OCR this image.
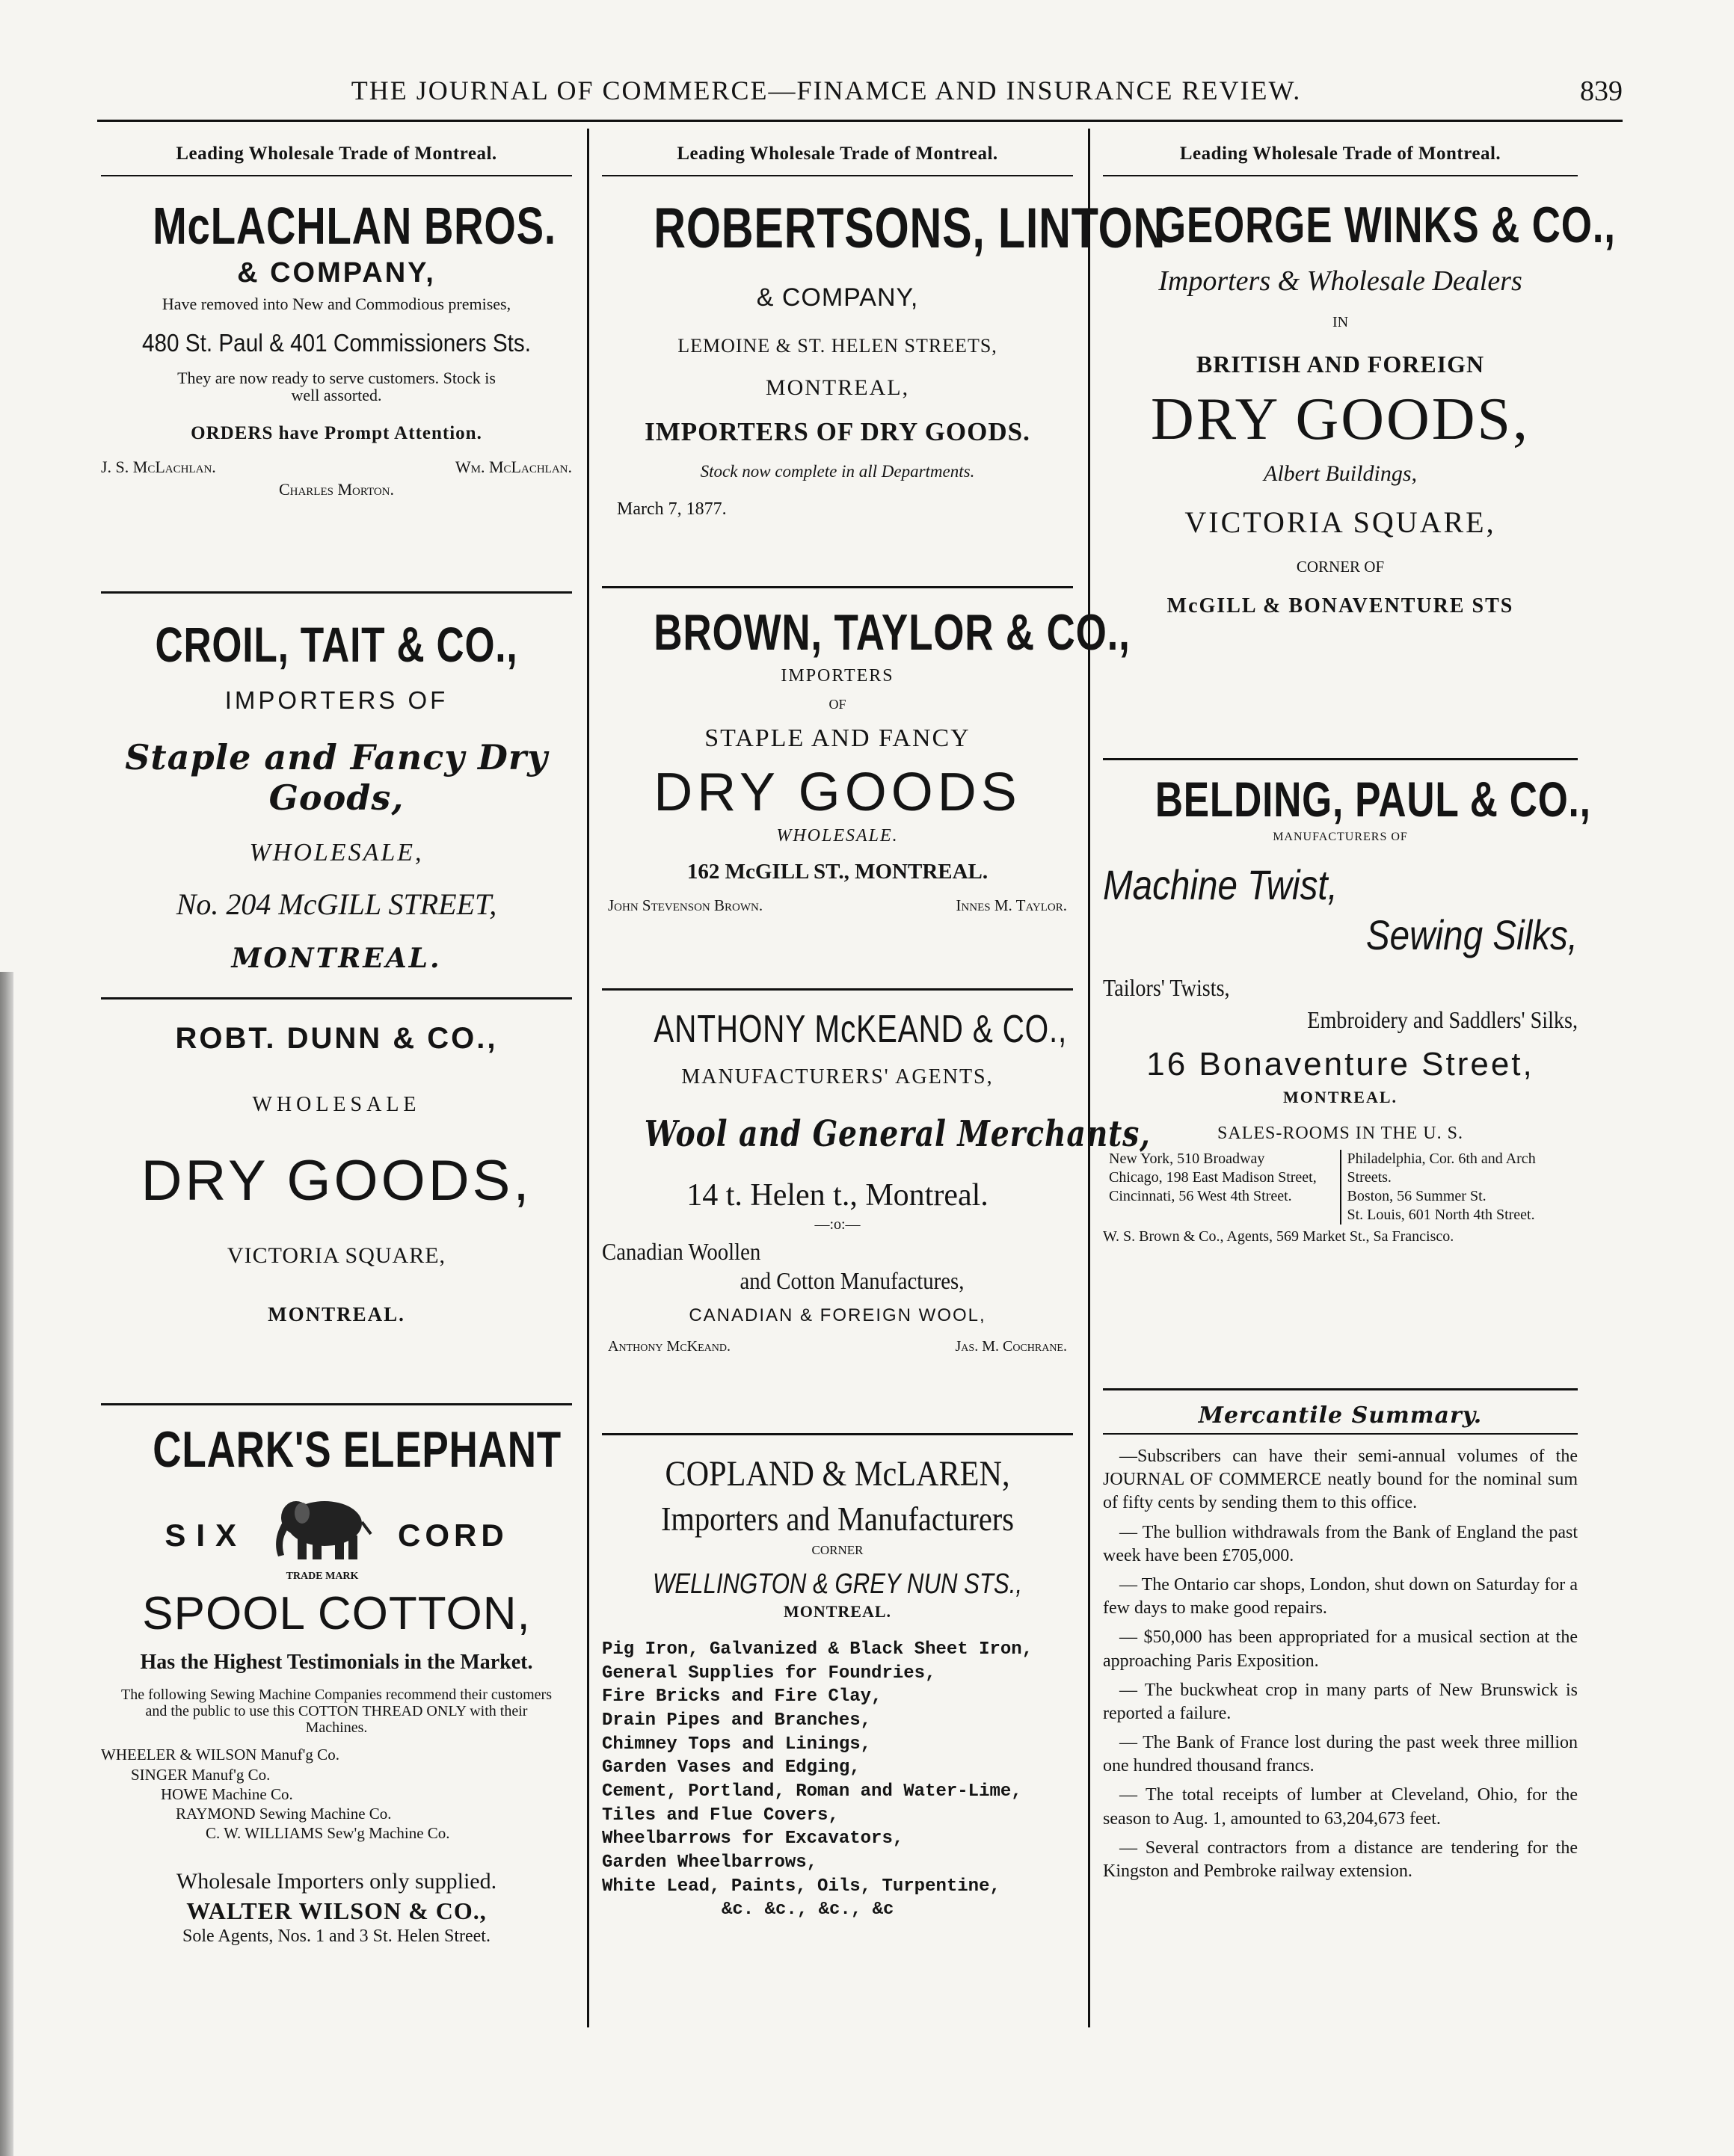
THE JOURNAL OF COMMERCE—FINAMCE AND INSURANCE REVIEW.	839
Leading Wholesale Trade of Montreal.
McLACHLAN BROS.
& COMPANY,
Have removed into New and Commodious premises,
480 St. Paul & 401 Commissioners Sts.
They are now ready to serve customers. Stock is well assorted.
ORDERS have Prompt Attention.
J. S. McLachlan.	Wm. McLachlan.
Charles Morton.
CROIL, TAIT & CO.,
IMPORTERS OF
Staple and Fancy Dry Goods,
WHOLESALE,
No. 204 McGILL STREET,
MONTREAL.
ROBT. DUNN & CO.,
WHOLESALE
DRY GOODS,
VICTORIA SQUARE,
MONTREAL.
CLARK'S ELEPHANT
SIX
TRADE MARK
CORD
SPOOL COTTON,
Has the Highest Testimonials in the Market.
The following Sewing Machine Companies recommend their customers and the public to use this COTTON THREAD ONLY with their Machines.
WHEELER & WILSON Manuf'g Co.
SINGER Manuf'g Co.
HOWE Machine Co.
RAYMOND Sewing Machine Co.
C. W. WILLIAMS Sew'g Machine Co.
Wholesale Importers only supplied.
WALTER WILSON & CO.,
Sole Agents, Nos. 1 and 3 St. Helen Street.
Leading Wholesale Trade of Montreal.
ROBERTSONS, LINTON
& COMPANY,
LEMOINE & ST. HELEN STREETS,
MONTREAL,
IMPORTERS OF DRY GOODS.
Stock now complete in all Departments.
March 7, 1877.
BROWN, TAYLOR & CO.,
IMPORTERS
OF
STAPLE AND FANCY
DRY GOODS
WHOLESALE.
162 McGILL ST., MONTREAL.
John Stevenson Brown.	Innes M. Taylor.
ANTHONY McKEAND & CO.,
MANUFACTURERS' AGENTS,
Wool and General Merchants,
14 t. Helen t., Montreal.
—:o:—
Canadian Woollen
and Cotton Manufactures,
CANADIAN & FOREIGN WOOL,
Anthony McKeand.	Jas. M. Cochrane.
COPLAND & McLAREN,
Importers and Manufacturers
CORNER
WELLINGTON & GREY NUN STS.,
MONTREAL.
Pig Iron, Galvanized & Black Sheet Iron,
General Supplies for Foundries,
Fire Bricks and Fire Clay,
Drain Pipes and Branches,
Chimney Tops and Linings,
Garden Vases and Edging,
Cement, Portland, Roman and Water-Lime,
Tiles and Flue Covers,
Wheelbarrows for Excavators,
Garden Wheelbarrows,
White Lead, Paints, Oils, Turpentine,
&c. &c., &c., &c
Leading Wholesale Trade of Montreal.
GEORGE WINKS & CO.,
Importers & Wholesale Dealers
IN
BRITISH AND FOREIGN
DRY GOODS,
Albert Buildings,
VICTORIA SQUARE,
CORNER OF
McGILL & BONAVENTURE STS
BELDING, PAUL & CO.,
MANUFACTURERS OF
Machine Twist,
Sewing Silks,
Tailors' Twists,
Embroidery and Saddlers' Silks,
16 Bonaventure Street,
MONTREAL.
SALES-ROOMS IN THE U. S.
New York, 510 Broadway
Chicago, 198 East Madison Street,
Cincinnati, 56 West 4th Street.
Philadelphia, Cor. 6th and Arch Streets.
Boston, 56 Summer St.
St. Louis, 601 North 4th Street.
W. S. Brown & Co., Agents, 569 Market St., Sa Francisco.
Mercantile Summary.

—Subscribers can have their semi-annual volumes of the JOURNAL OF COMMERCE neatly bound for the nominal sum of fifty cents by sending them to this office.

— The bullion withdrawals from the Bank of England the past week have been £705,000.

— The Ontario car shops, London, shut down on Saturday for a few days to make good repairs.

— $50,000 has been appropriated for a musical section at the approaching Paris Exposition.

— The buckwheat crop in many parts of New Brunswick is reported a failure.

— The Bank of France lost during the past week three million one hundred thousand francs.

— The total receipts of lumber at Cleveland, Ohio, for the season to Aug. 1, amounted to 63,204,673 feet.

— Several contractors from a distance are tendering for the Kingston and Pembroke railway extension.
